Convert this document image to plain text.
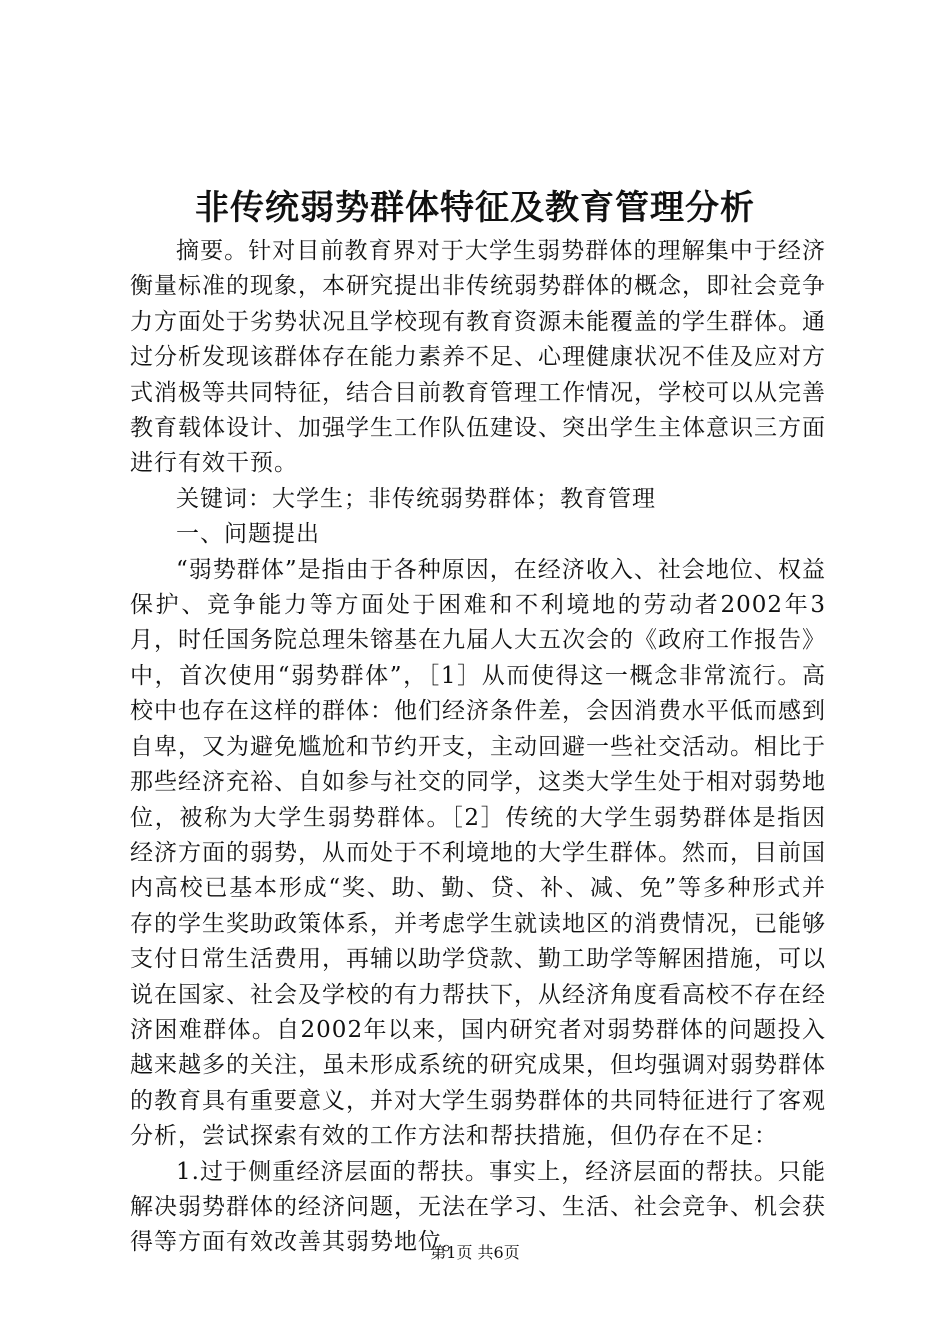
非传统弱势群体特征及教育管理分析

摘要。针对目前教育界对于大学生弱势群体的理解集中于经济衡量标准的现象，本研究提出非传统弱势群体的概念，即社会竞争力方面处于劣势状况且学校现有教育资源未能覆盖的学生群体。通过分析发现该群体存在能力素养不足、心理健康状况不佳及应对方式消极等共同特征，结合目前教育管理工作情况，学校可以从完善教育载体设计、加强学生工作队伍建设、突出学生主体意识三方面进行有效干预。

关键词：大学生；非传统弱势群体；教育管理

一、问题提出

“弱势群体”是指由于各种原因，在经济收入、社会地位、权益保护、竞争能力等方面处于困难和不利境地的劳动者2002年3月，时任国务院总理朱镕基在九届人大五次会的《政府工作报告》中，首次使用“弱势群体”，［1］从而使得这一概念非常流行。高校中也存在这样的群体：他们经济条件差，会因消费水平低而感到自卑，又为避免尴尬和节约开支，主动回避一些社交活动。相比于那些经济充裕、自如参与社交的同学，这类大学生处于相对弱势地位，被称为大学生弱势群体。［2］传统的大学生弱势群体是指因经济方面的弱势，从而处于不利境地的大学生群体。然而，目前国内高校已基本形成“奖、助、勤、贷、补、减、免”等多种形式并存的学生奖助政策体系，并考虑学生就读地区的消费情况，已能够支付日常生活费用，再辅以助学贷款、勤工助学等解困措施，可以说在国家、社会及学校的有力帮扶下，从经济角度看高校不存在经济困难群体。自2002年以来，国内研究者对弱势群体的问题投入越来越多的关注，虽未形成系统的研究成果，但均强调对弱势群体的教育具有重要意义，并对大学生弱势群体的共同特征进行了客观分析，尝试探索有效的工作方法和帮扶措施，但仍存在不足：

1.过于侧重经济层面的帮扶。事实上，经济层面的帮扶。只能解决弱势群体的经济问题，无法在学习、生活、社会竞争、机会获得等方面有效改善其弱势地位。

第1页 共6页
